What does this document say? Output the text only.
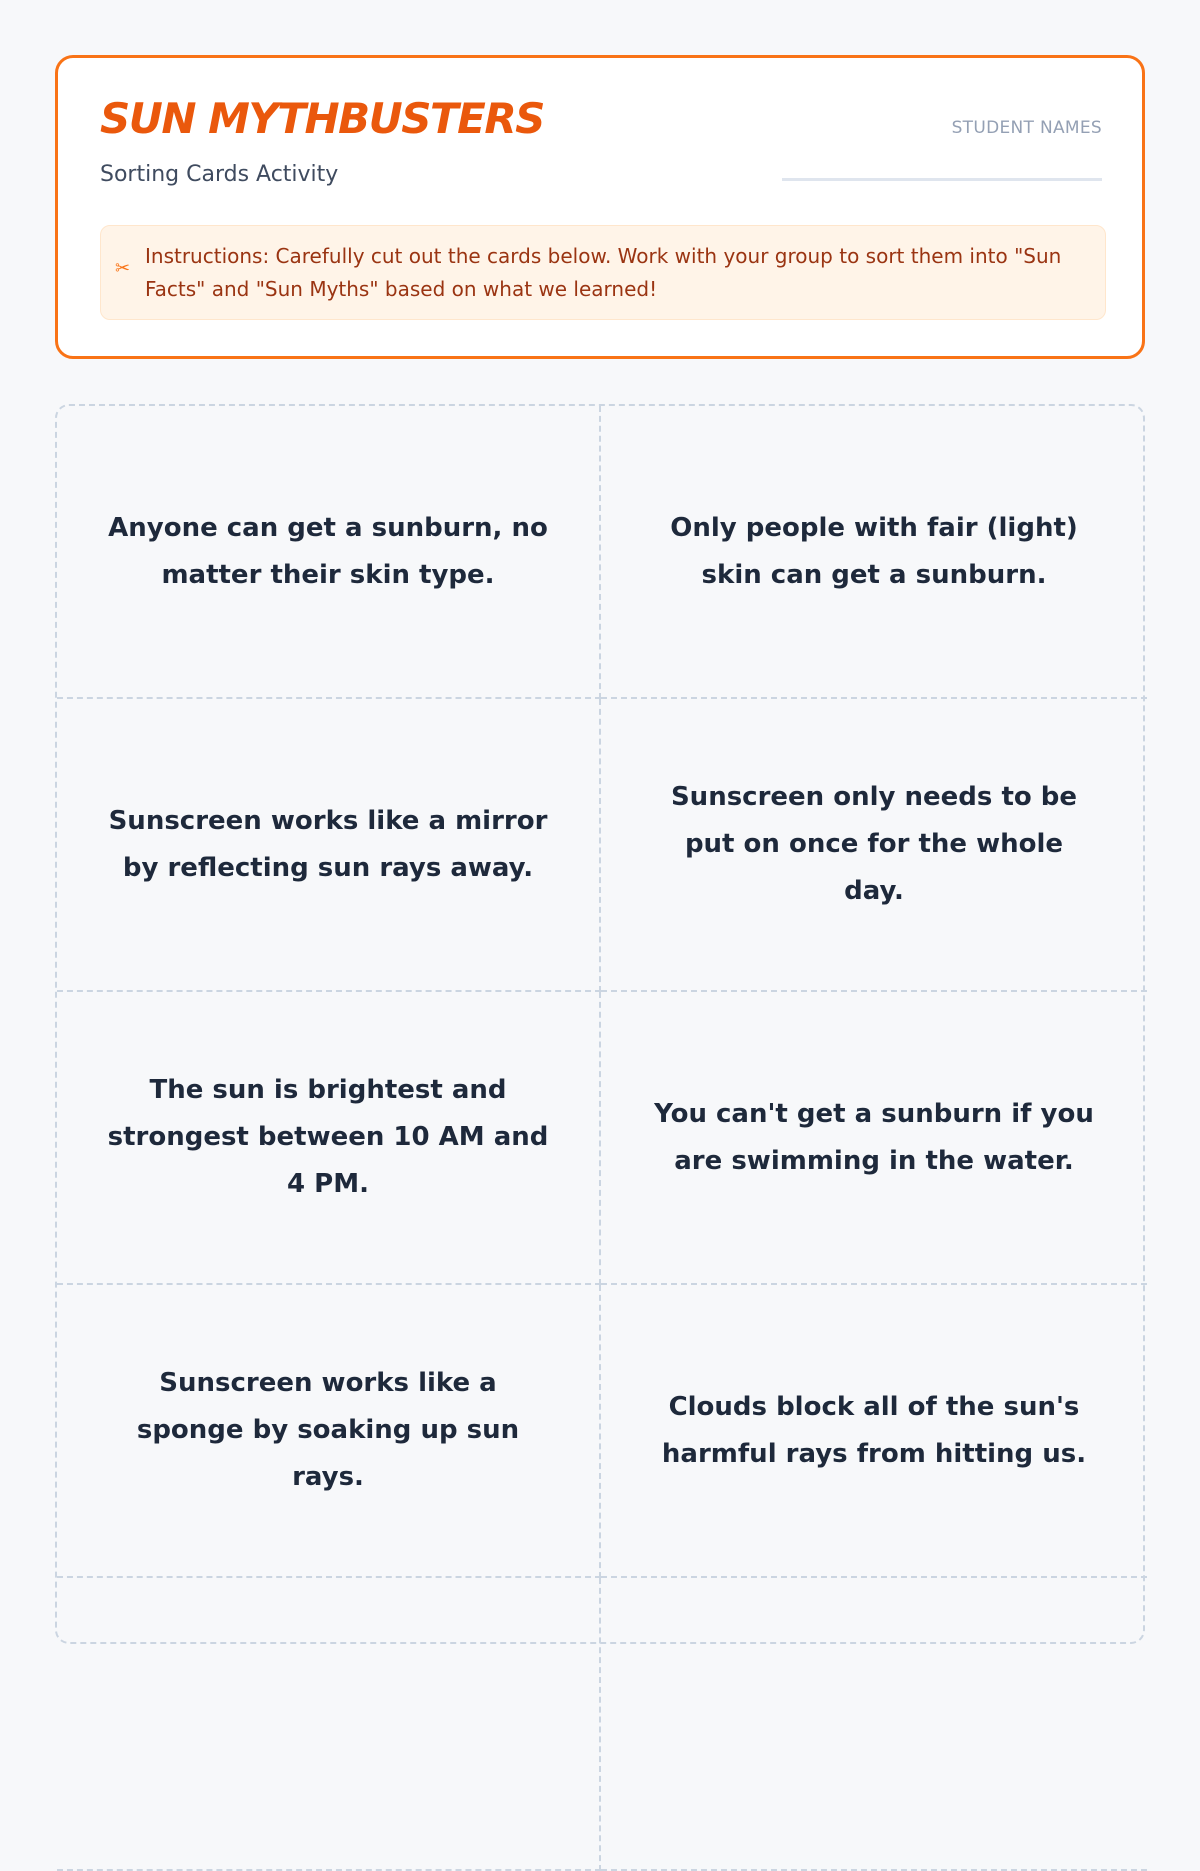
SUN MYTHBUSTERS
Sorting Cards Activity
STUDENT NAMES
✂
Instructions: Carefully cut out the cards below. Work with your group to sort them into "Sun Facts" and "Sun Myths" based on what we learned!
Anyone can get a sunburn, no matter their skin type.
Only people with fair (light) skin can get a sunburn.
Sunscreen works like a mirror by reflecting sun rays away.
Sunscreen only needs to be put on once for the whole day.
The sun is brightest and strongest between 10 AM and 4 PM.
You can't get a sunburn if you are swimming in the water.
Sunscreen works like a sponge by soaking up sun rays.
Clouds block all of the sun's harmful rays from hitting us.
